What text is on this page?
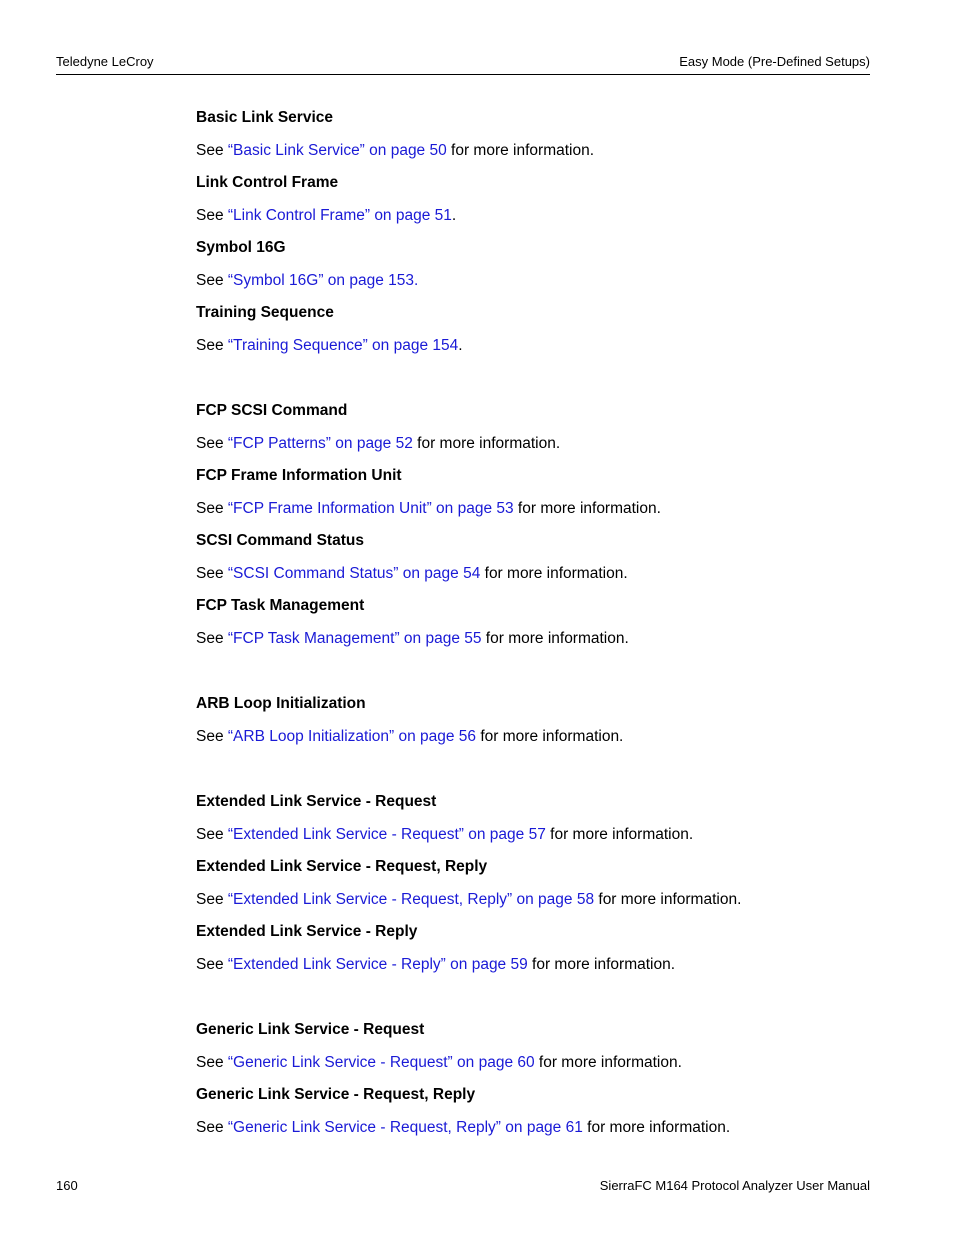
Teledyne LeCroy	Easy Mode (Pre-Defined Setups)
Basic Link Service
See “Basic Link Service” on page 50 for more information.
Link Control Frame
See “Link Control Frame” on page 51.
Symbol 16G
See “Symbol 16G” on page 153.
Training Sequence
See “Training Sequence” on page 154.
FCP SCSI Command
See “FCP Patterns” on page 52 for more information.
FCP Frame Information Unit
See “FCP Frame Information Unit” on page 53 for more information.
SCSI Command Status
See “SCSI Command Status” on page 54 for more information.
FCP Task Management
See “FCP Task Management” on page 55 for more information.
ARB Loop Initialization
See “ARB Loop Initialization” on page 56 for more information.
Extended Link Service - Request
See “Extended Link Service - Request” on page 57 for more information.
Extended Link Service - Request, Reply
See “Extended Link Service - Request, Reply” on page 58 for more information.
Extended Link Service - Reply
See “Extended Link Service - Reply” on page 59 for more information.
Generic Link Service - Request
See “Generic Link Service - Request” on page 60 for more information.
Generic Link Service - Request, Reply
See “Generic Link Service - Request, Reply” on page 61 for more information.
160	SierraFC M164 Protocol Analyzer User Manual
